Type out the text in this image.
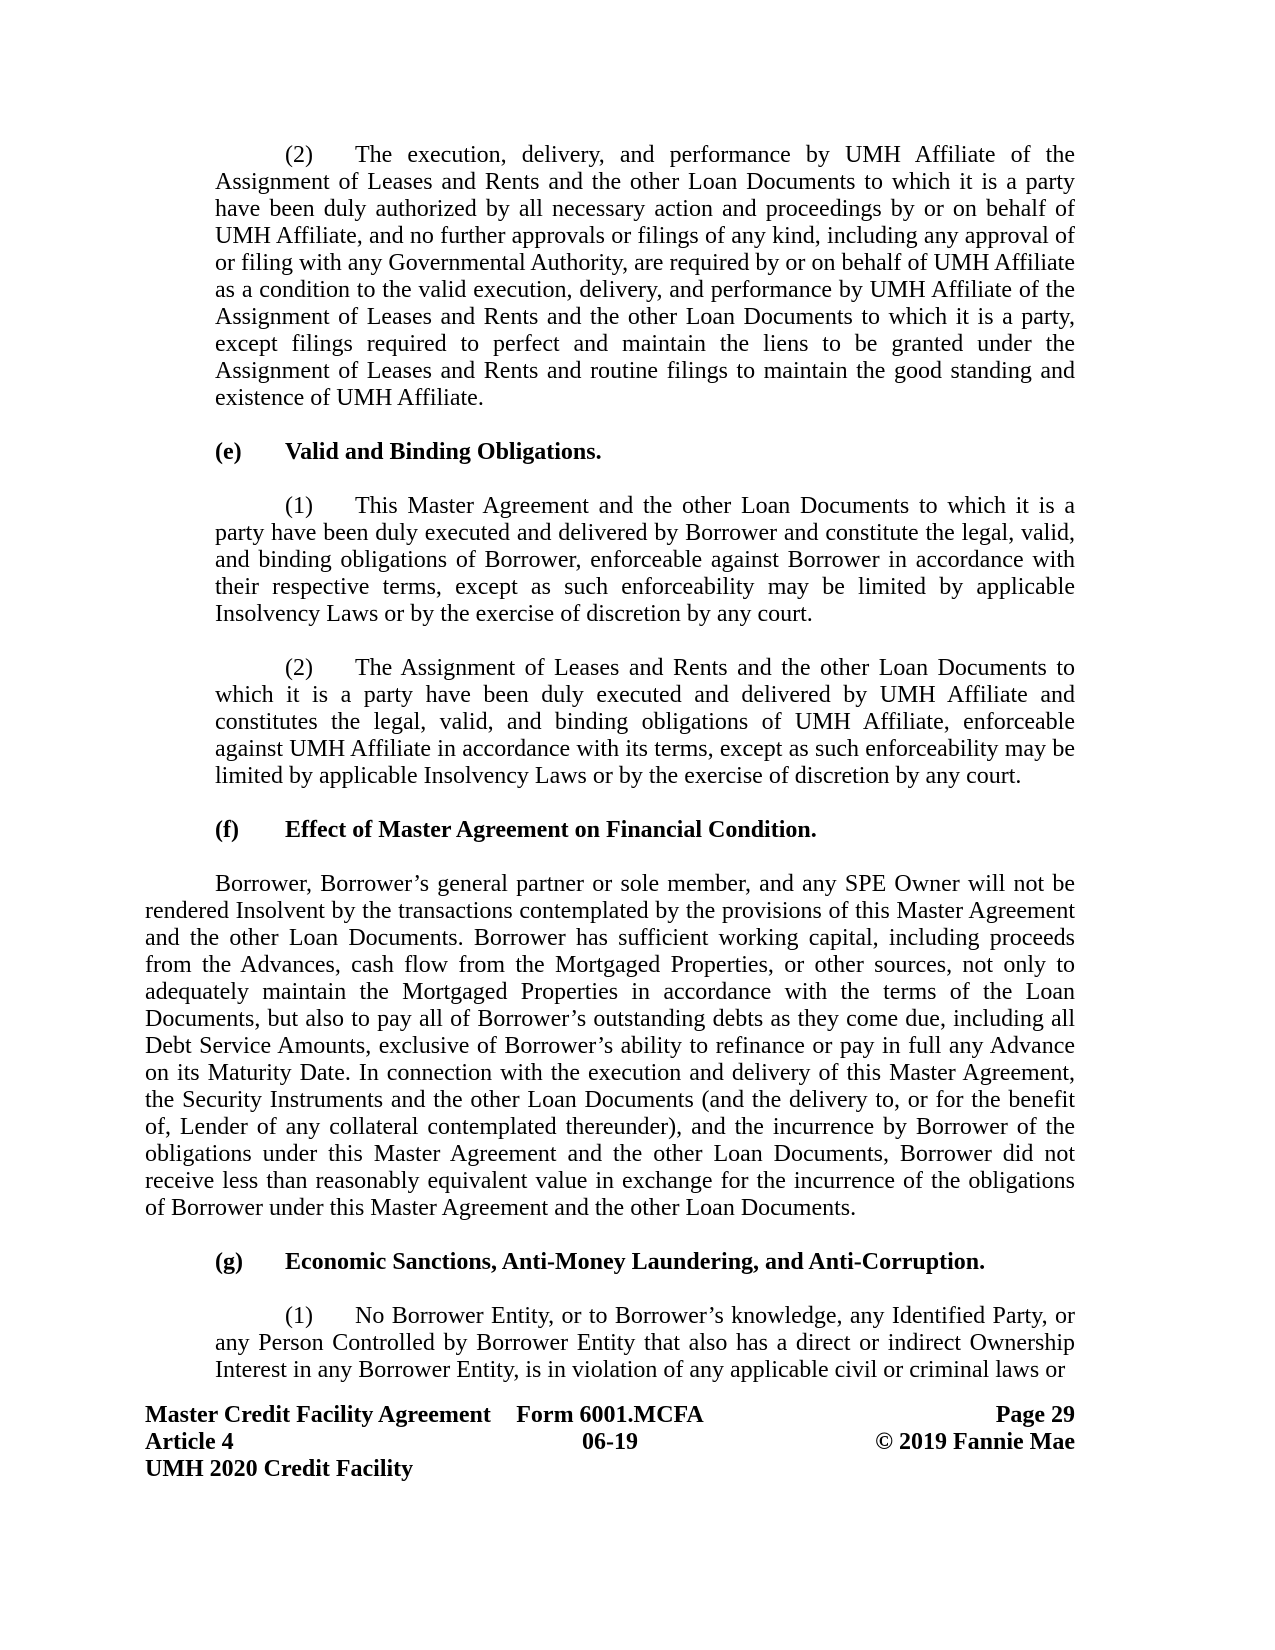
(2) The execution, delivery, and performance by UMH Affiliate of the Assignment of Leases and Rents and the other Loan Documents to which it is a party have been duly authorized by all necessary action and proceedings by or on behalf of UMH Affiliate, and no further approvals or filings of any kind, including any approval of or filing with any Governmental Authority, are required by or on behalf of UMH Affiliate as a condition to the valid execution, delivery, and performance by UMH Affiliate of the Assignment of Leases and Rents and the other Loan Documents to which it is a party, except filings required to perfect and maintain the liens to be granted under the Assignment of Leases and Rents and routine filings to maintain the good standing and existence of UMH Affiliate.

(e) Valid and Binding Obligations.

(1) This Master Agreement and the other Loan Documents to which it is a party have been duly executed and delivered by Borrower and constitute the legal, valid, and binding obligations of Borrower, enforceable against Borrower in accordance with their respective terms, except as such enforceability may be limited by applicable Insolvency Laws or by the exercise of discretion by any court.

(2) The Assignment of Leases and Rents and the other Loan Documents to which it is a party have been duly executed and delivered by UMH Affiliate and constitutes the legal, valid, and binding obligations of UMH Affiliate, enforceable against UMH Affiliate in accordance with its terms, except as such enforceability may be limited by applicable Insolvency Laws or by the exercise of discretion by any court.

(f) Effect of Master Agreement on Financial Condition.

Borrower, Borrower’s general partner or sole member, and any SPE Owner will not be rendered Insolvent by the transactions contemplated by the provisions of this Master Agreement and the other Loan Documents. Borrower has sufficient working capital, including proceeds from the Advances, cash flow from the Mortgaged Properties, or other sources, not only to adequately maintain the Mortgaged Properties in accordance with the terms of the Loan Documents, but also to pay all of Borrower’s outstanding debts as they come due, including all Debt Service Amounts, exclusive of Borrower’s ability to refinance or pay in full any Advance on its Maturity Date. In connection with the execution and delivery of this Master Agreement, the Security Instruments and the other Loan Documents (and the delivery to, or for the benefit of, Lender of any collateral contemplated thereunder), and the incurrence by Borrower of the obligations under this Master Agreement and the other Loan Documents, Borrower did not receive less than reasonably equivalent value in exchange for the incurrence of the obligations of Borrower under this Master Agreement and the other Loan Documents.

(g) Economic Sanctions, Anti-Money Laundering, and Anti-Corruption.

(1) No Borrower Entity, or to Borrower’s knowledge, any Identified Party, or any Person Controlled by Borrower Entity that also has a direct or indirect Ownership Interest in any Borrower Entity, is in violation of any applicable civil or criminal laws or

Master Credit Facility Agreement
Article 4
UMH 2020 Credit Facility
Form 6001.MCFA
06-19
Page 29
© 2019 Fannie Mae
